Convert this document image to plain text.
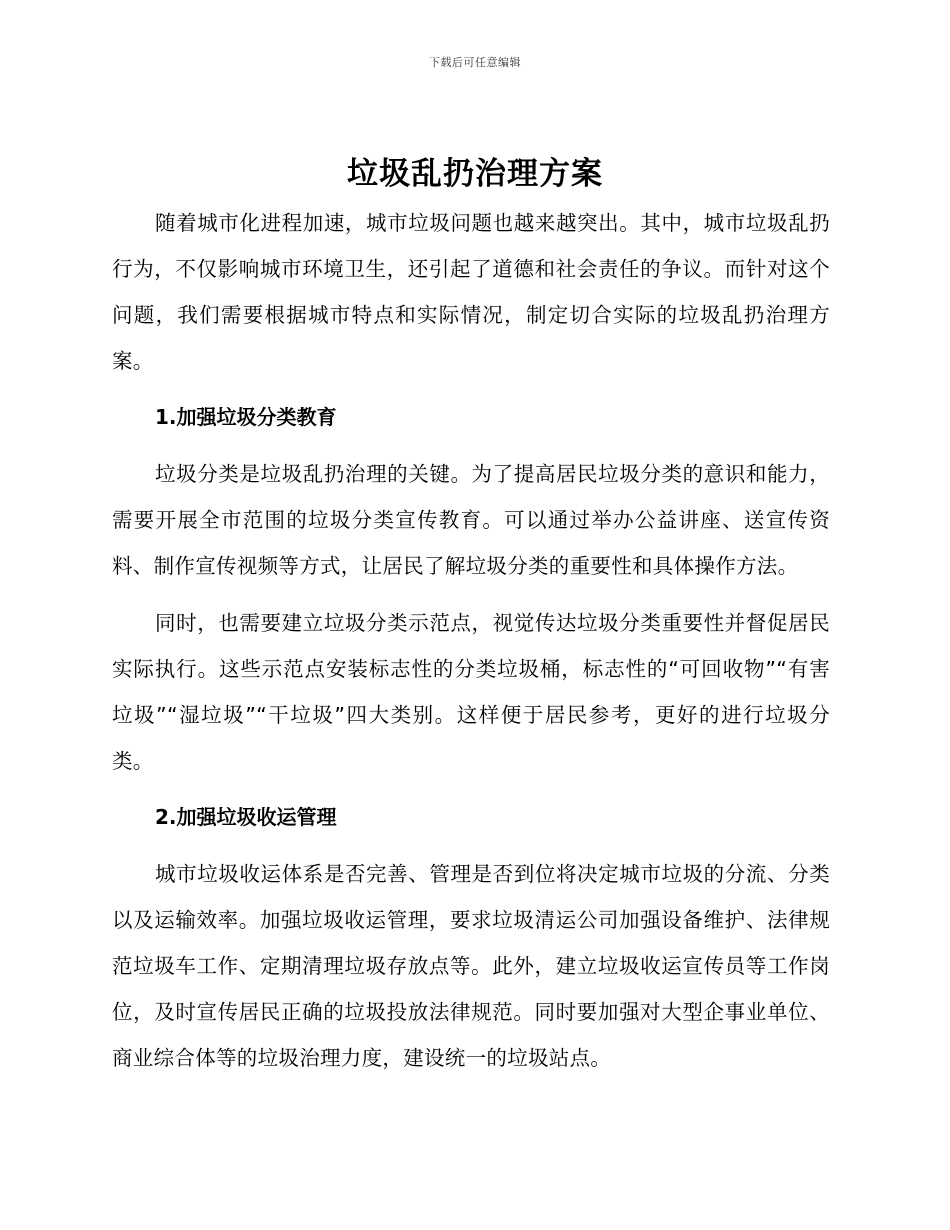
下载后可任意编辑
垃圾乱扔治理方案

随着城市化进程加速，城市垃圾问题也越来越突出。其中，城市垃圾乱扔行为，不仅影响城市环境卫生，还引起了道德和社会责任的争议。而针对这个问题，我们需要根据城市特点和实际情况，制定切合实际的垃圾乱扔治理方案。

1.加强垃圾分类教育

垃圾分类是垃圾乱扔治理的关键。为了提高居民垃圾分类的意识和能力，需要开展全市范围的垃圾分类宣传教育。可以通过举办公益讲座、送宣传资料、制作宣传视频等方式，让居民了解垃圾分类的重要性和具体操作方法。

同时，也需要建立垃圾分类示范点，视觉传达垃圾分类重要性并督促居民实际执行。这些示范点安装标志性的分类垃圾桶，标志性的“可回收物”“有害垃圾”“湿垃圾”“干垃圾”四大类别。这样便于居民参考，更好的进行垃圾分类。

2.加强垃圾收运管理

城市垃圾收运体系是否完善、管理是否到位将决定城市垃圾的分流、分类以及运输效率。加强垃圾收运管理，要求垃圾清运公司加强设备维护、法律规范垃圾车工作、定期清理垃圾存放点等。此外，建立垃圾收运宣传员等工作岗位，及时宣传居民正确的垃圾投放法律规范。同时要加强对大型企事业单位、商业综合体等的垃圾治理力度，建设统一的垃圾站点。
